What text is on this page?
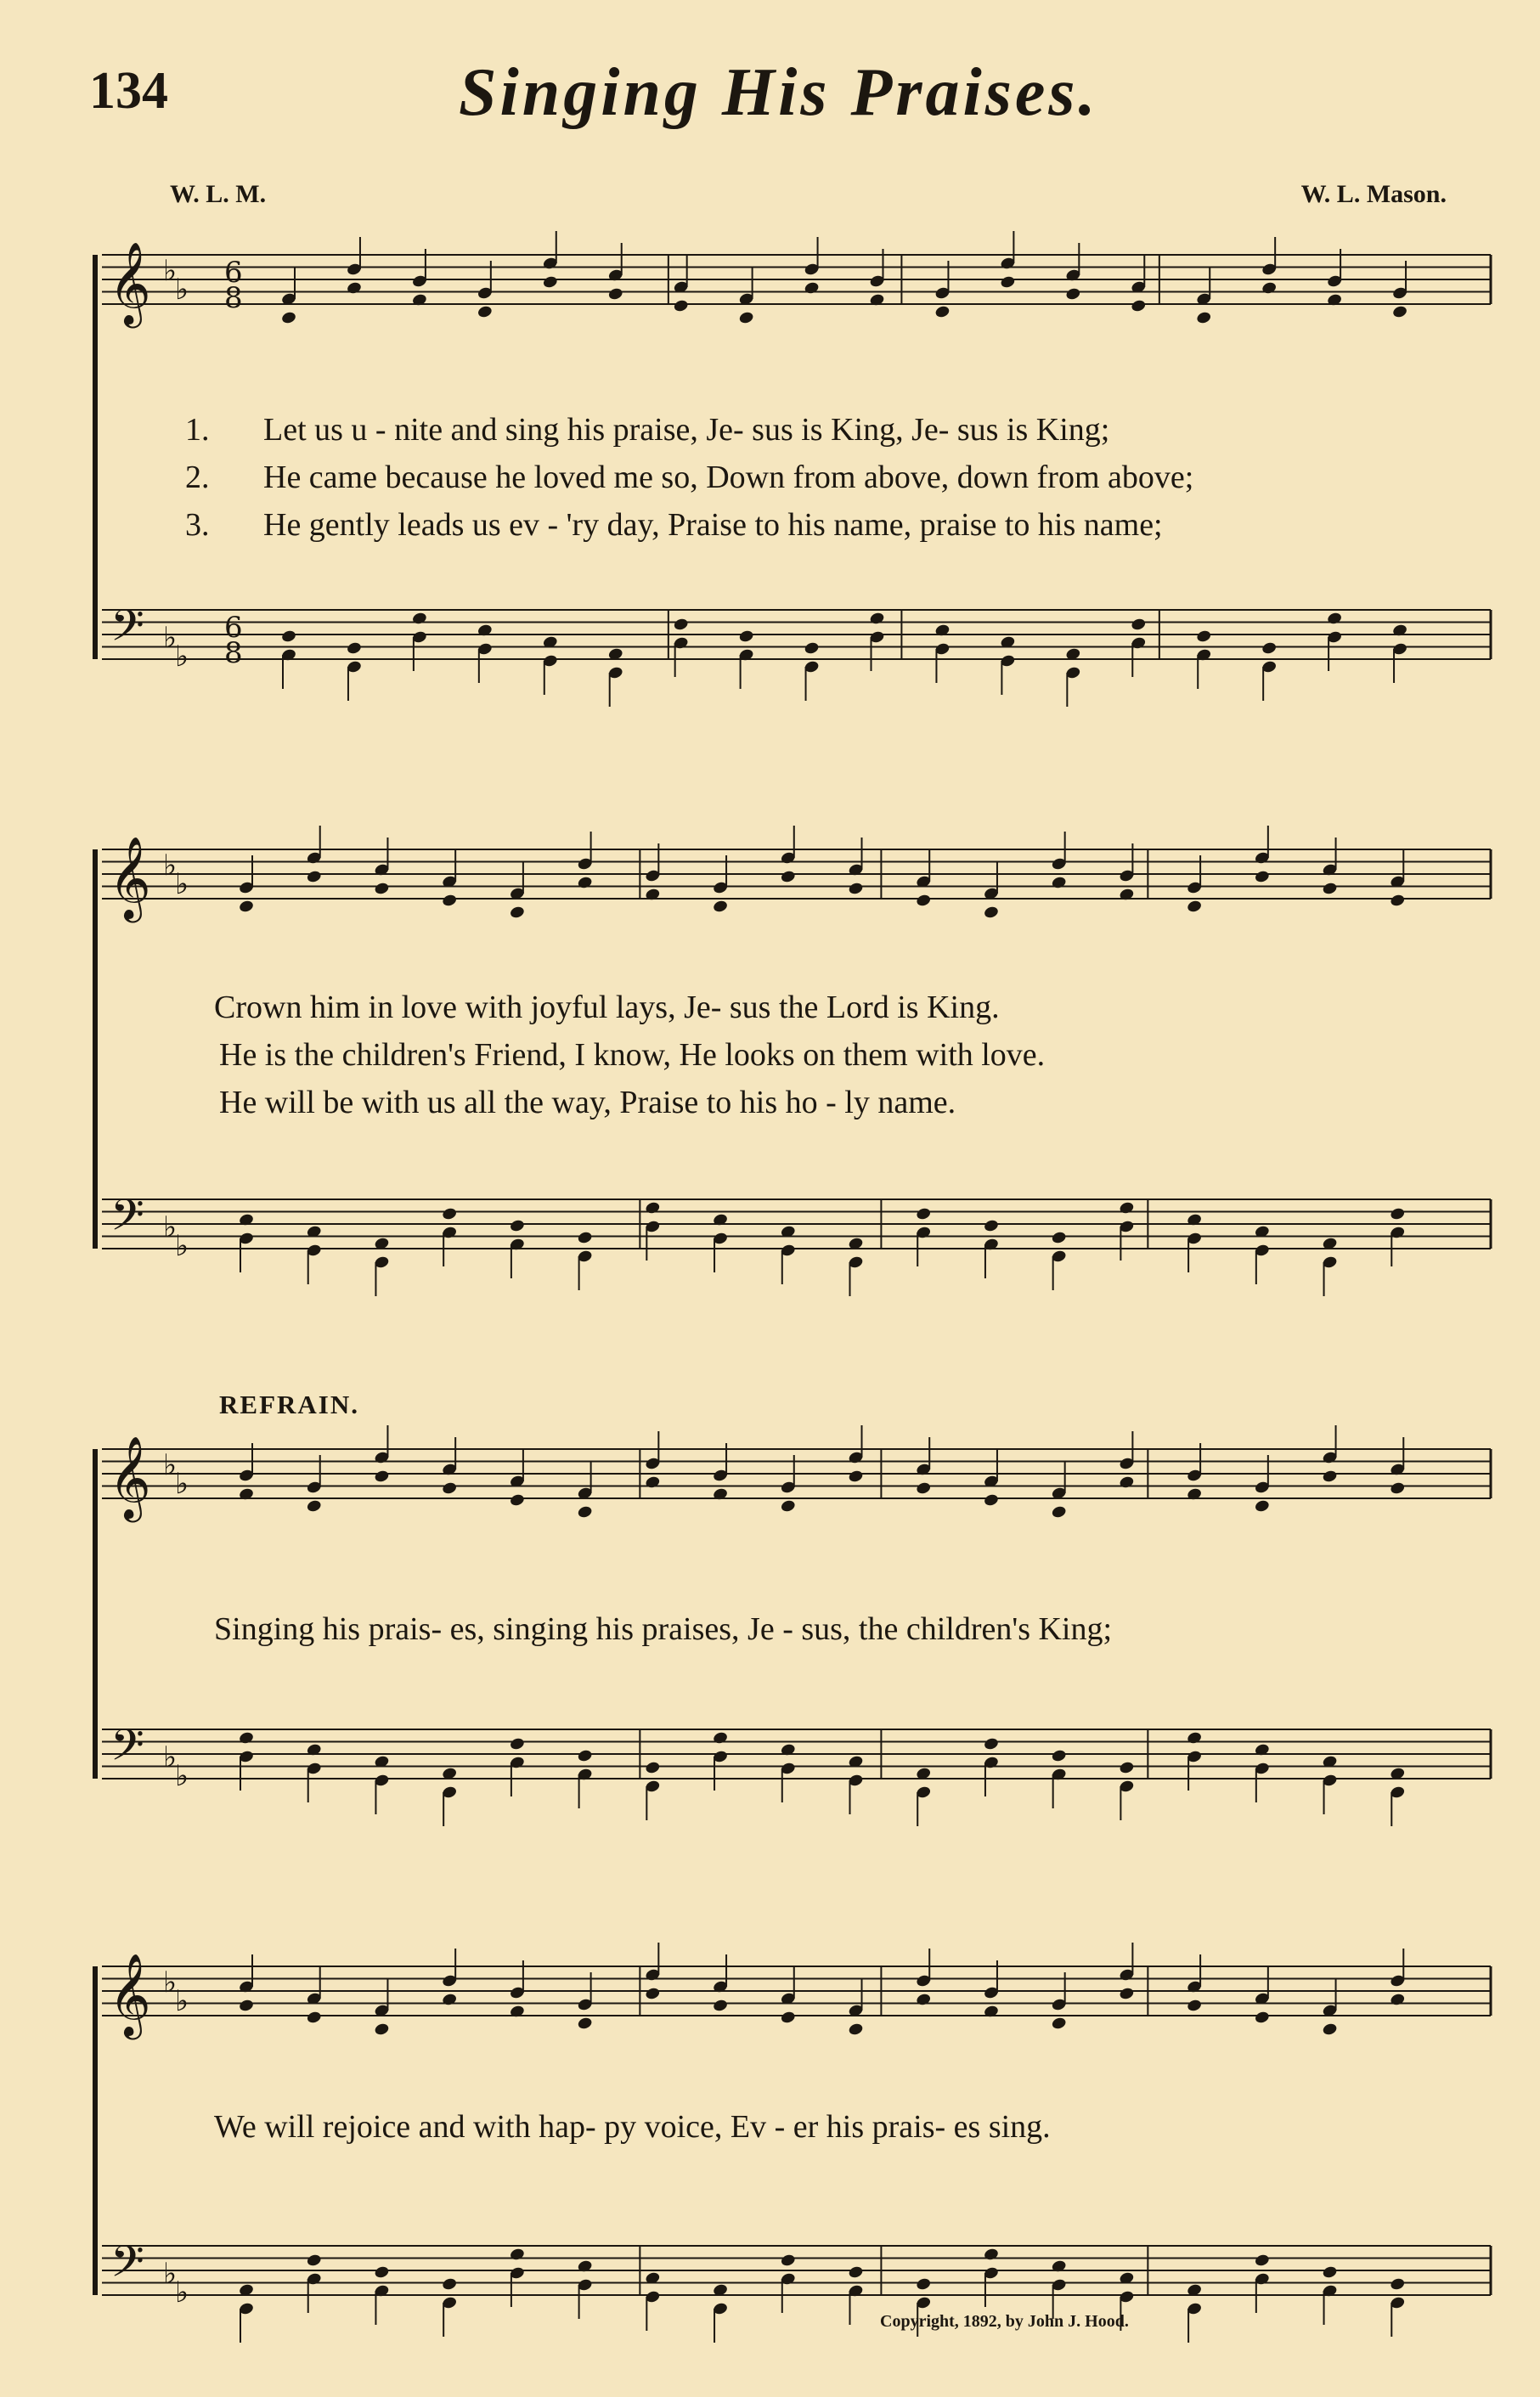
134	Singing His Praises.
W. L. M.	W. L. Mason.
𝄞
𝄢
♭
♭
♭
♭
6
8
6
8
𝄞
𝄢
♭
♭
♭
♭
𝄞
𝄢
♭
♭
♭
♭
𝄞
𝄢
♭
♭
♭
♭
1. Let us u - nite and sing his praise, Je- sus is King, Je- sus is King;
2. He came because he loved me so, Down from above, down from above;
3. He gently leads us ev - 'ry day, Praise to his name, praise to his name;
Crown him in love with joyful lays, Je- sus the Lord is King.
He is the children's Friend, I know, He looks on them with love.
He will be with us all the way, Praise to his ho - ly name.
REFRAIN.
Singing his prais- es, singing his praises, Je - sus, the children's King;
We will rejoice and with hap- py voice, Ev - er his prais- es sing.
Copyright, 1892, by John J. Hood.
